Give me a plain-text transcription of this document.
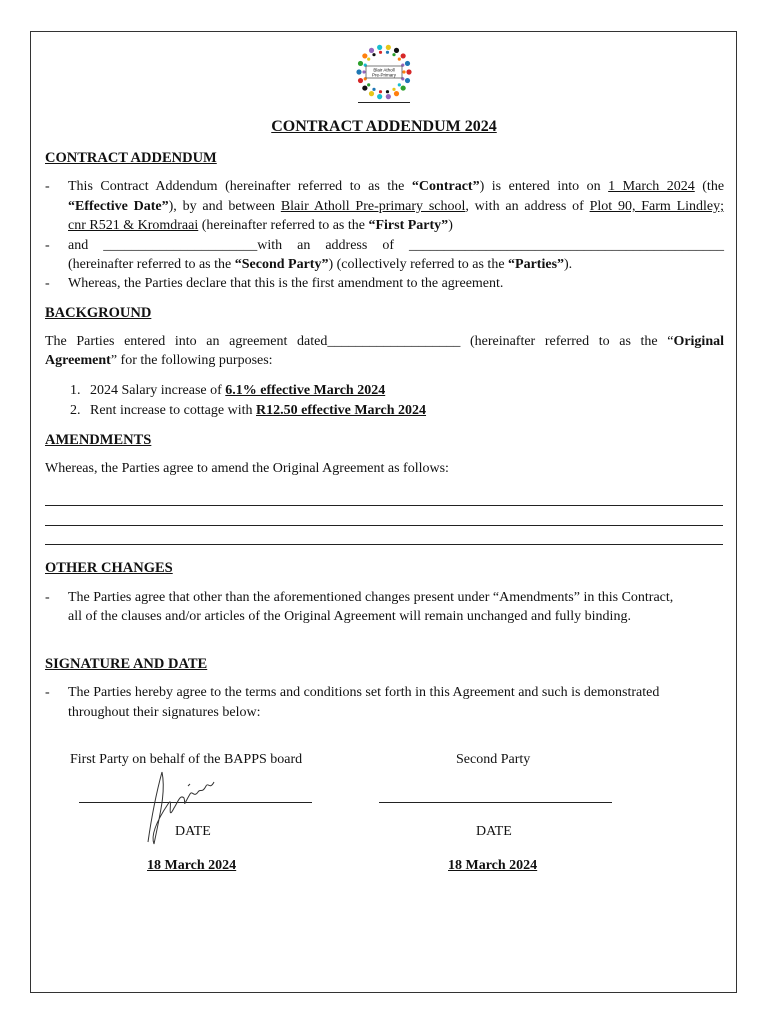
Blair Atholl
Pre-Primary
CONTRACT ADDENDUM 2024
CONTRACT ADDENDUM
- This Contract Addendum (hereinafter referred to as the “Contract”) is entered into on 1 March 2024 (the
“Effective Date”), by and between Blair Atholl Pre-primary school, with an address of Plot 90, Farm Lindley;
cnr R521 & Kromdraai (hereinafter referred to as the “First Party”)
- and ______________________with an address of _____________________________________________
(hereinafter referred to as the “Second Party”) (collectively referred to as the “Parties”).
- Whereas, the Parties declare that this is the first amendment to the agreement.
BACKGROUND
The Parties entered into an agreement dated___________________ (hereinafter referred to as the “Original
Agreement” for the following purposes:
1. 2024 Salary increase of 6.1% effective March 2024
2. Rent increase to cottage with R12.50 effective March 2024
AMENDMENTS
Whereas, the Parties agree to amend the Original Agreement as follows:
OTHER CHANGES
- The Parties agree that other than the aforementioned changes present under “Amendments” in this Contract,
all of the clauses and/or articles of the Original Agreement will remain unchanged and fully binding.
SIGNATURE AND DATE
- The Parties hereby agree to the terms and conditions set forth in this Agreement and such is demonstrated
throughout their signatures below:
First Party on behalf of the BAPPS board	Second Party
DATE	DATE
18 March 2024	18 March 2024
